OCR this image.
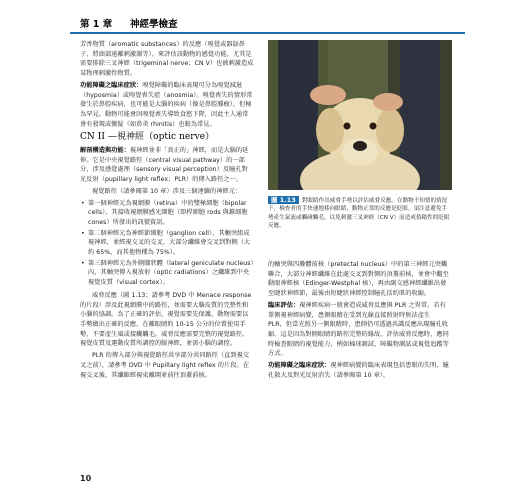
第 1 章 神經學檢查

芳香物質（aromatic substances）的反應（嗅覺或器舔鼻子、將頭部遠離刺激源等）。來評估該動物的感覺功能，尤其是需要排除三叉神經（trigeminal nerve；CN V）也被刺激造成某物理刺激性物質。

功能障礙之臨床症狀：嗅覺障礙的臨床表現可分為嗅覺減退（hyposmia）或嗅覺喪失症（anosmia）。嗅覺喪失的情形常發生於鼻腔疾病，也可能是大腦的疾病（像是鼻腔腫瘤），但極為罕見。動物可能會因嗅覺喪失導致食慾下降，因此主人通常會有發現或懷疑（如鼻炎 rhinitis）也較為常見。

CN II —視神經（optic nerve）

解剖構造與功能：視神經並非「真正的」神經，而是大腦的延伸。它是中央視覺路徑（central visual pathway）的一部分，涉及感覺處理（sensory visual perception）及瞳孔對光反射（pupillary light reflex；PLR）的傳入路徑之一。

視覺路徑（請參閱第 10 章）涉及三個連續的神經元：

• 第一個神經元為視網膜（retina）中的雙極細胞（bipolar cells），其接收視網膜感光細胞（即桿細胞 rods 與錐細胞 cones）所發出的訊號資訊。
• 第二個神經元為神經節細胞（ganglion cell），其軸突組成視神經，並經視交叉的交叉，大部分纖維會交叉到對側（大約 65%，而其他物種為 75%）。
• 第三個神經元為外側膝狀體（lateral geniculate nucleus）內，其軸突傳入視放射（optic radiations）之纖維到中央視覺皮質（visual cortex）。

威脅反應（圖 1.13；請參考 DVD 中 Menace response 的片段）涉及此視網膜中的路徑，並需要大腦皮質的完整性和小腦的協調。為了正確的評估，視覺需要先保護，動物需要以手勢做出正確的反應，在離眼睛約 10-15 公分的位置使用手勢，不要產生風或接觸觸毛。威脅反應需要完整的視覺路徑、視覺皮質及運動皮質所調控的臉神經，並需小腦的調控。

PLR 的傳入部分與視覺路徑共享部分共同路徑（直到視交叉之前），請參考 DVD 中 Pupillary light reflex 的片段。在視交叉後，其纖維經視束離開並前往頂蓋前核。

圖 1.13 對眼睛作出威脅手勢以評估威脅反應。在動物不知情的情況下，檢查者的手快速地移向眼睛，動物正常的反應是眨眼。須注意避免手勢產生氣流或觸碰觸毛，以免刺激三叉神經（CN V）而造成偽陽性的眨眼反應。

的軸突與四疊體前核（pretectal nucleus）中的第三神經元突觸聯合，大部分神經纖維在此處交叉到對側的頂蓋前核，並會中繼至動眼神經核（Edinger-Westphal 核），再由副交感神經纖維出發至睫狀神經節，最後由短睫狀神經控制瞳孔括約肌的收縮。

臨床評估：視神經疾病一般會造成威脅反應與 PLR 之異常。若有單側視神經病變，患側眼睛在受到光線直接照射時無法產生 PLR，但當光照另一側眼睛時，患側仍可透過共識反應出現瞳孔收縮。這是因為對側眼睛的路徑完整的緣故。評估威脅反應時，應同時檢查眼睛的視覺能力，例如棉球測試、障礙物測試或視覺追蹤等方式。

功能障礙之臨床症狀：視神經病變的臨床表現包括患眼的失明、瞳孔散大及對光反射消失（請參閱第 10 章）。

10
